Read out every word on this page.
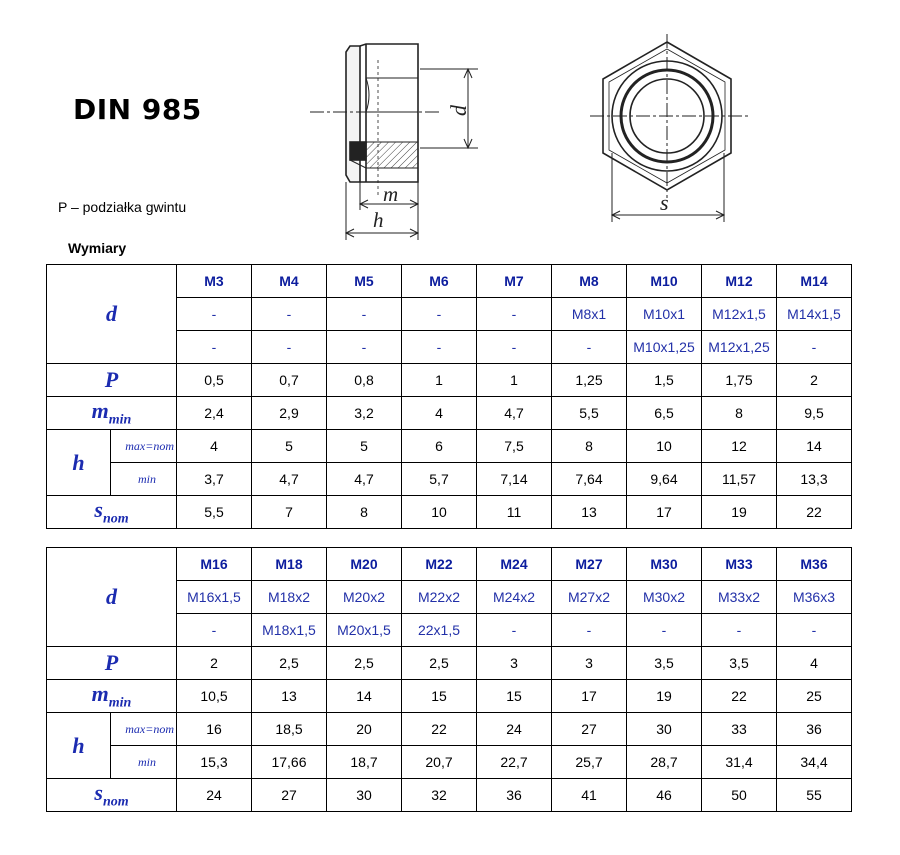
DIN 985
P – podziałka gwintu
Wymiary
d
m
h
s
d		M3	M4	M5	M6	M7	M8	M10	M12	M14
		-	-	-	-	-	M8x1	M10x1	M12x1,5	M14x1,5
		-	-	-	-	-	-	M10x1,25	M12x1,25	-
P		0,5	0,7	0,8	1	1	1,25	1,5	1,75	2
$m_{min}$		2,4	2,9	3,2	4	4,7	5,5	6,5	8	9,5
h	max=nom	4	5	5	6	7,5	8	10	12	14
	min	3,7	4,7	4,7	5,7	7,14	7,64	9,64	11,57	13,3
$s_{nom}$		5,5	7	8	10	11	13	17	19	22
d		M16	M18	M20	M22	M24	M27	M30	M33	M36
		M16x1,5	M18x2	M20x2	M22x2	M24x2	M27x2	M30x2	M33x2	M36x3
		-	M18x1,5	M20x1,5	22x1,5	-	-	-	-	-
P		2	2,5	2,5	2,5	3	3	3,5	3,5	4
$m_{min}$		10,5	13	14	15	15	17	19	22	25
h	max=nom	16	18,5	20	22	24	27	30	33	36
	min	15,3	17,66	18,7	20,7	22,7	25,7	28,7	31,4	34,4
$s_{nom}$		24	27	30	32	36	41	46	50	55
